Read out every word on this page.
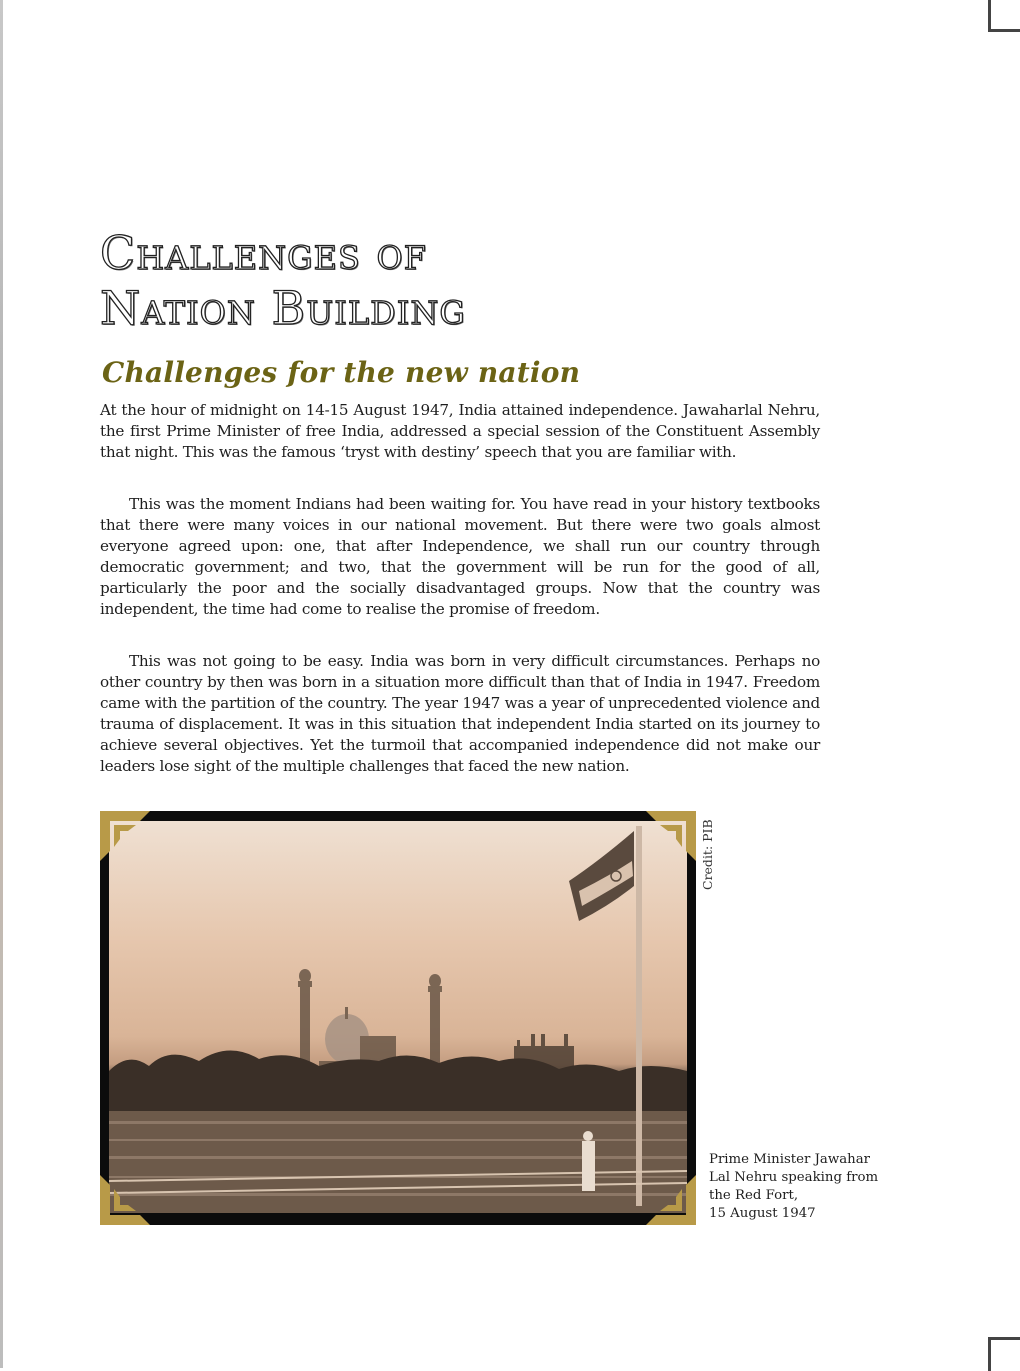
Challenges of
Nation Building
Challenges for the new nation

At the hour of midnight on 14-15 August 1947, India attained independence. Jawaharlal Nehru, the first Prime Minister of free India, addressed a special session of the Constituent Assembly that night. This was the famous ‘tryst with destiny’ speech that you are familiar with.

This was the moment Indians had been waiting for. You have read in your history textbooks that there were many voices in our national movement. But there were two goals almost everyone agreed upon: one, that after Independence, we shall run our country through democratic government; and two, that the government will be run for the good of all, particularly the poor and the socially disadvantaged groups. Now that the country was independent, the time had come to realise the promise of freedom.

This was not going to be easy. India was born in very difficult circumstances. Perhaps no other country by then was born in a situation more difficult than that of India in 1947. Freedom came with the partition of the country. The year 1947 was a year of unprecedented violence and trauma of displacement. It was in this situation that independent India started on its journey to achieve several objectives. Yet the turmoil that accompanied independence did not make our leaders lose sight of the multiple challenges that faced the new nation.

Credit: PIB

Prime Minister Jawahar
Lal Nehru speaking from
the Red Fort,
15 August 1947
